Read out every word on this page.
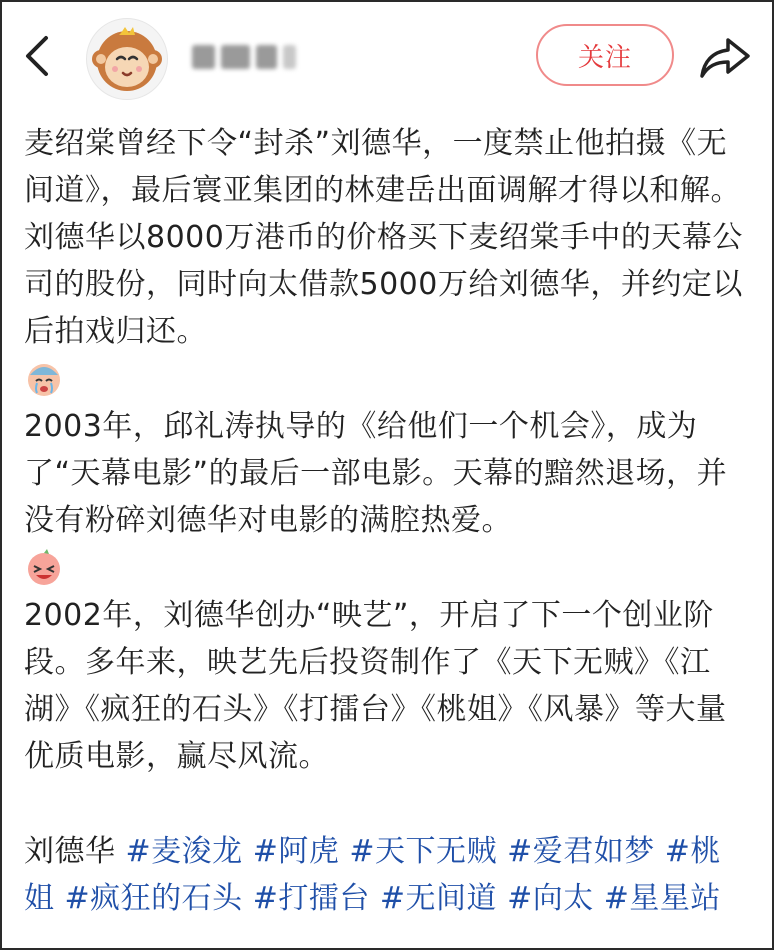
关注

麦绍棠曾经下令“封杀”刘德华，一度禁止他拍摄《无间道》，最后寰亚集团的林建岳出面调解才得以和解。 刘德华以8000万港币的价格买下麦绍棠手中的天幕公司的股份，同时向太借款5000万给刘德华，并约定以后拍戏归还。

2003年，邱礼涛执导的《给他们一个机会》，成为了“天幕电影”的最后一部电影。天幕的黯然退场，并没有粉碎刘德华对电影的满腔热爱。

2002年，刘德华创办“映艺”，开启了下一个创业阶段。多年来，映艺先后投资制作了《天下无贼》《江湖》《疯狂的石头》《打擂台》《桃姐》《风暴》等大量优质电影，赢尽风流。

刘德华 #麦浚龙 #阿虎 #天下无贼 #爱君如梦 #桃姐 #疯狂的石头 #打擂台 #无间道 #向太 #星星站
